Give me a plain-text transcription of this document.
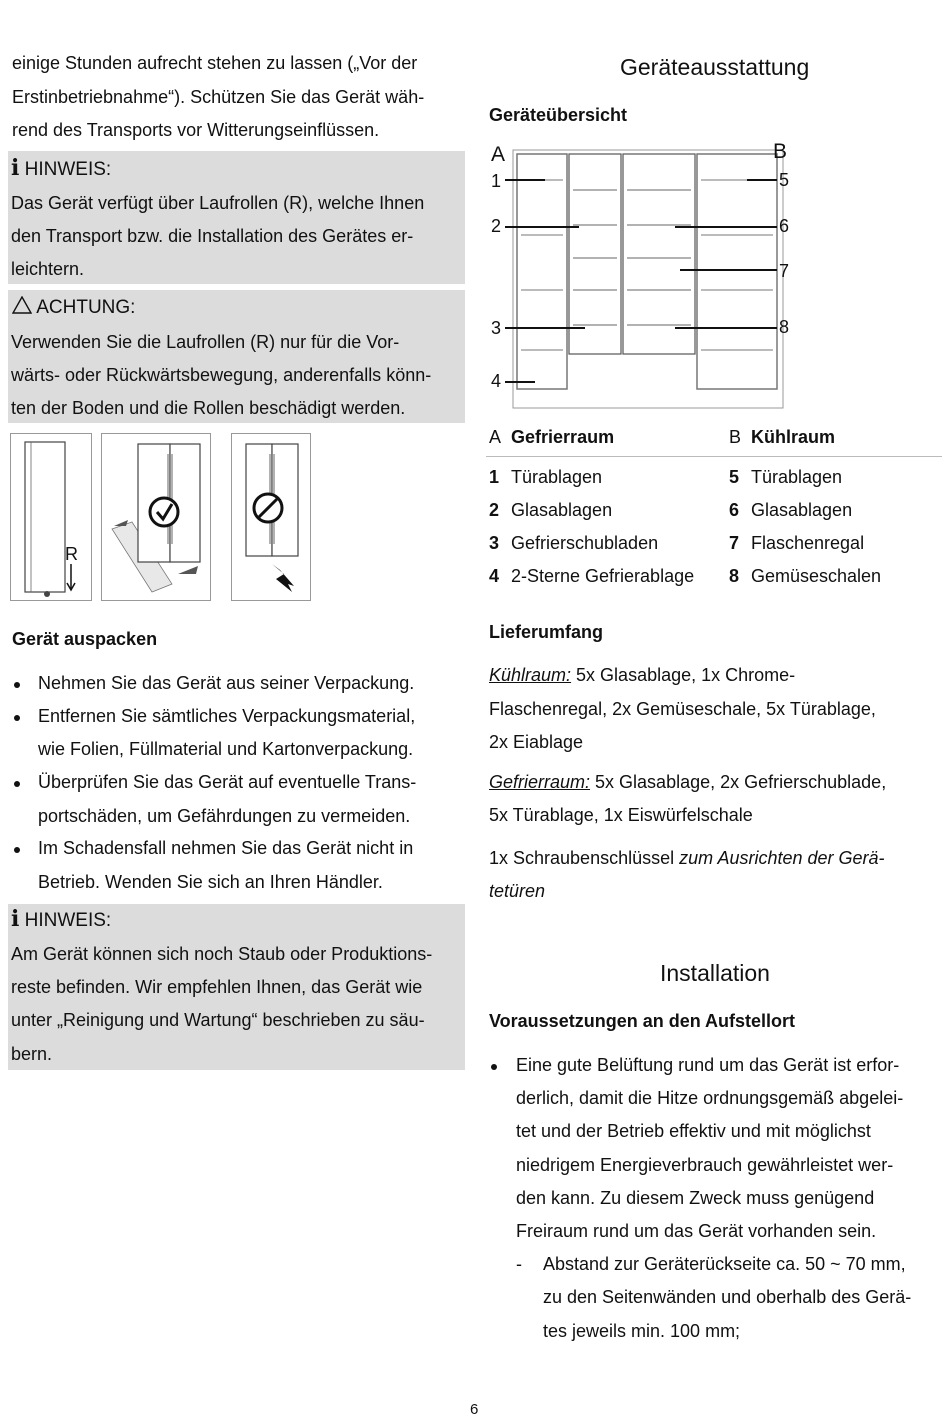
einige Stunden aufrecht stehen zu lassen („Vor der
Erstinbetriebnahme“). Schützen Sie das Gerät wäh-
rend des Transports vor Witterungseinflüssen.
i HINWEIS:
Das Gerät verfügt über Laufrollen (R), welche Ihnen
den Transport bzw. die Installation des Gerätes er-
leichtern.
ACHTUNG:
Verwenden Sie die Laufrollen (R) nur für die Vor-
wärts- oder Rückwärtsbewegung, anderenfalls könn-
ten der Boden und die Rollen beschädigt werden.
R
Gerät auspacken
Nehmen Sie das Gerät aus seiner Verpackung.
Entfernen Sie sämtliches Verpackungsmaterial,
wie Folien, Füllmaterial und Kartonverpackung.
Überprüfen Sie das Gerät auf eventuelle Trans-
portschäden, um Gefährdungen zu vermeiden.
Im Schadensfall nehmen Sie das Gerät nicht in
Betrieb. Wenden Sie sich an Ihren Händler.
i HINWEIS:
Am Gerät können sich noch Staub oder Produktions-
reste befinden. Wir empfehlen Ihnen, das Gerät wie
unter „Reinigung und Wartung“ beschrieben zu säu-
bern.
Geräteausstattung
Geräteübersicht
A	B
1
2
3
4
5
6
7
8
A Gefrierraum	B Kühlraum
1 Türablagen
2 Glasablagen
3 Gefrierschubladen
4 2-Sterne Gefrierablage
5 Türablagen
6 Glasablagen
7 Flaschenregal
8 Gemüseschalen
Lieferumfang
Kühlraum: 5x Glasablage, 1x Chrome-
Flaschenregal, 2x Gemüseschale, 5x Türablage,
2x Eiablage
Gefrierraum: 5x Glasablage, 2x Gefrierschublade,
5x Türablage, 1x Eiswürfelschale
1x Schraubenschlüssel zum Ausrichten der Gerä-
tetüren
Installation
Voraussetzungen an den Aufstellort
Eine gute Belüftung rund um das Gerät ist erfor-
derlich, damit die Hitze ordnungsgemäß abgelei-
tet und der Betrieb effektiv und mit möglichst
niedrigem Energieverbrauch gewährleistet wer-
den kann. Zu diesem Zweck muss genügend
Freiraum rund um das Gerät vorhanden sein.
- Abstand zur Geräterückseite ca. 50 ~ 70 mm,
zu den Seitenwänden und oberhalb des Gerä-
tes jeweils min. 100 mm;
6
